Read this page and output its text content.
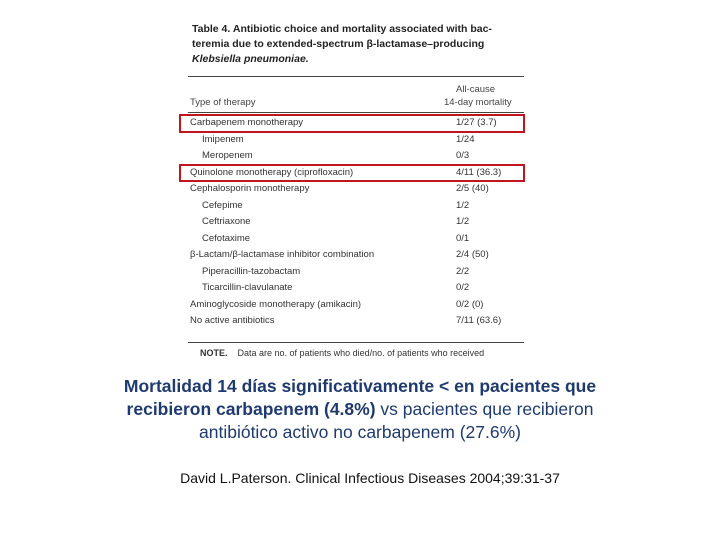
Table 4. Antibiotic choice and mortality associated with bac-teremia due to extended-spectrum β-lactamase–producing Klebsiella pneumoniae.
All-cause
Type of therapy	14-day mortality
Carbapenem monotherapy	1/27 (3.7)
Imipenem	1/24
Meropenem	0/3
Quinolone monotherapy (ciprofloxacin)	4/11 (36.3)
Cephalosporin monotherapy	2/5 (40)
Cefepime	1/2
Ceftriaxone	1/2
Cefotaxime	0/1
β-Lactam/β-lactamase inhibitor combination	2/4 (50)
Piperacillin-tazobactam	2/2
Ticarcillin-clavulanate	0/2
Aminoglycoside monotherapy (amikacin)	0/2 (0)
No active antibiotics	7/11 (63.6)
NOTE. Data are no. of patients who died/no. of patients who received
Mortalidad 14 días significativamente < en pacientes que recibieron carbapenem (4.8%) vs pacientes que recibieron antibiótico activo no carbapenem (27.6%)
David L.Paterson. Clinical Infectious Diseases 2004;39:31-37
